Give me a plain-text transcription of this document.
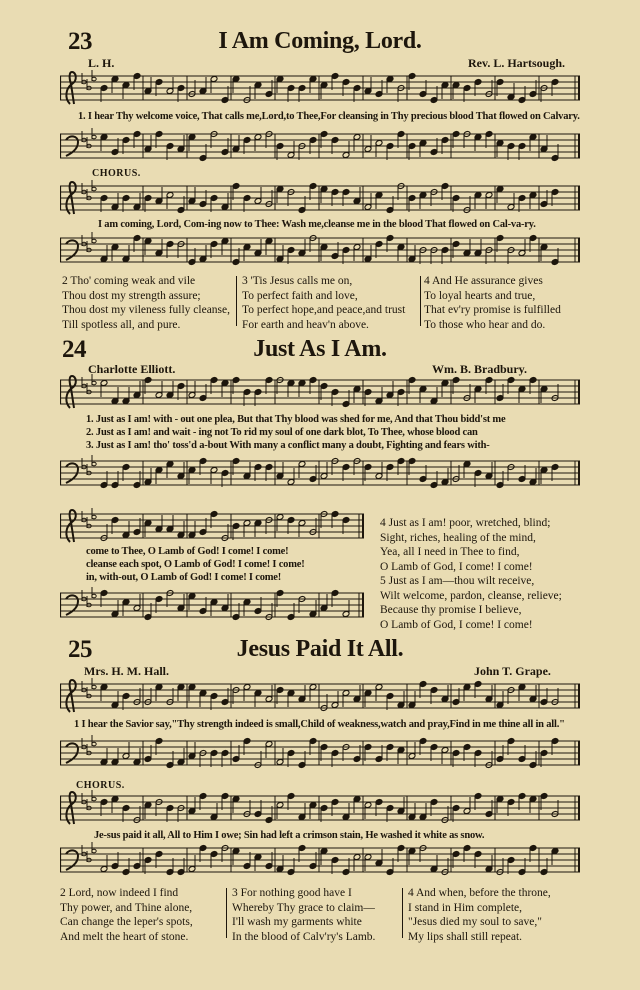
23	I Am Coming, Lord.
L. H.	Rev. L. Hartsough.
1. I hear Thy welcome voice, That calls me,Lord,to Thee,For cleansing in Thy precious blood That flowed on Calvary.
CHORUS.
I am coming, Lord, Com-ing now to Thee: Wash me,cleanse me in the blood That flowed on Cal-va-ry.
2 Tho' coming weak and vile
Thou dost my strength assure;
Thou dost my vileness fully cleanse,
Till spotless all, and pure.
3 'Tis Jesus calls me on,
To perfect faith and love,
To perfect hope,and peace,and trust
For earth and heav'n above.
4 And He assurance gives
To loyal hearts and true,
That ev'ry promise is fulfilled
To those who hear and do.
24	Just As I Am.
Charlotte Elliott.	Wm. B. Bradbury.
1. Just as I am! with - out one plea, But that Thy blood was shed for me, And that Thou bidd'st me
2. Just as I am! and wait - ing not To rid my soul of one dark blot, To Thee, whose blood can
3. Just as I am! tho' toss'd a-bout With many a conflict many a doubt, Fighting and fears with-
come to Thee, O Lamb of God! I come! I come!
cleanse each spot, O Lamb of God! I come! I come!
in, with-out, O Lamb of God! I come! I come!
4 Just as I am! poor, wretched, blind;
Sight, riches, healing of the mind,
Yea, all I need in Thee to find,
O Lamb of God, I come! I come!
5 Just as I am—thou wilt receive,
Wilt welcome, pardon, cleanse, relieve;
Because thy promise I believe,
O Lamb of God, I come! I come!
25	Jesus Paid It All.
Mrs. H. M. Hall.	John T. Grape.
1 I hear the Savior say,"Thy strength indeed is small,Child of weakness,watch and pray,Find in me thine all in all."
CHORUS.
Je-sus paid it all, All to Him I owe; Sin had left a crimson stain, He washed it white as snow.
2 Lord, now indeed I find
Thy power, and Thine alone,
Can change the leper's spots,
And melt the heart of stone.
3 For nothing good have I
Whereby Thy grace to claim—
I'll wash my garments white
In the blood of Calv'ry's Lamb.
4 And when, before the throne,
I stand in Him complete,
"Jesus died my soul to save,"
My lips shall still repeat.
